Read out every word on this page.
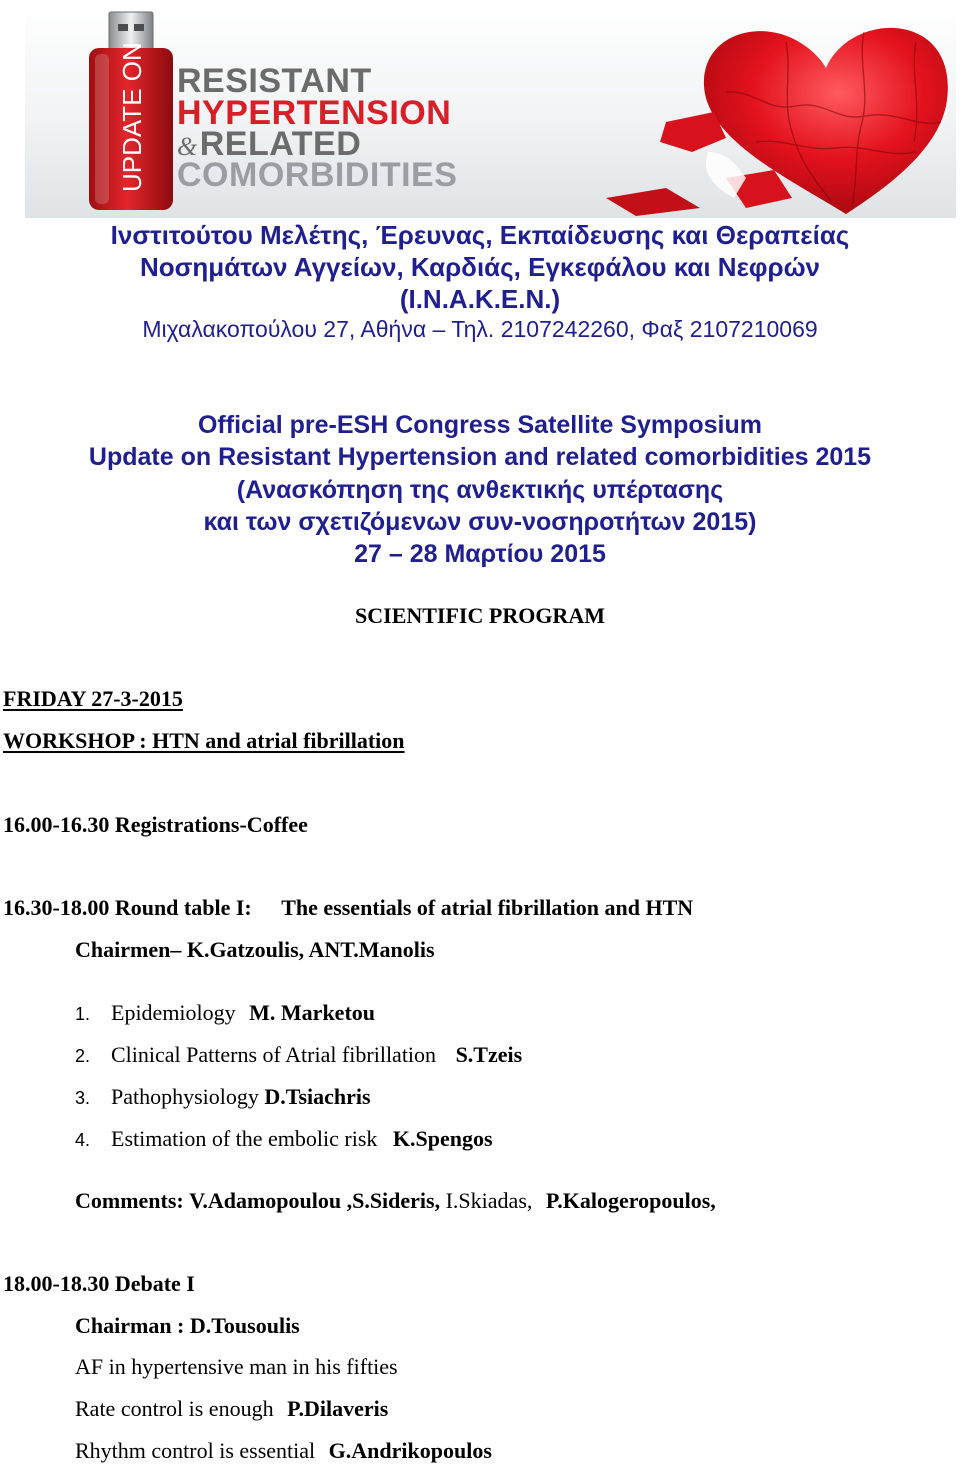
UPDATE ON RESISTANT
HYPERTENSION
&RELATED
COMORBIDITIES
Ινστιτούτου Μελέτης, Έρευνας, Εκπαίδευσης και Θεραπείας
Νοσημάτων Αγγείων, Καρδιάς, Εγκεφάλου και Νεφρών
(I.N.A.K.E.N.)
Μιχαλακοπούλου 27, Αθήνα – Τηλ. 2107242260, Φαξ 2107210069
Official pre-ESH Congress Satellite Symposium
Update on Resistant Hypertension and related comorbidities 2015
(Ανασκόπηση της ανθεκτικής υπέρτασης
και των σχετιζόμενων συν-νοσηροτήτων 2015)
27 – 28 Μαρτίου 2015
SCIENTIFIC PROGRAM
FRIDAY 27-3-2015
WORKSHOP : HTN and atrial fibrillation
16.00-16.30 Registrations-Coffee
16.30-18.00 Round table I: The essentials of atrial fibrillation and HTN
Chairmen– K.Gatzoulis, ANT.Manolis
1. Epidemiology M. Marketou
2. Clinical Patterns of Atrial fibrillation S.Tzeis
3. Pathophysiology D.Tsiachris
4. Estimation of the embolic risk K.Spengos
Comments: V.Adamopoulou ,S.Sideris, I.Skiadas, P.Kalogeropoulos,
18.00-18.30 Debate I
Chairman : D.Tousoulis
AF in hypertensive man in his fifties
Rate control is enough P.Dilaveris
Rhythm control is essential G.Andrikopoulos
